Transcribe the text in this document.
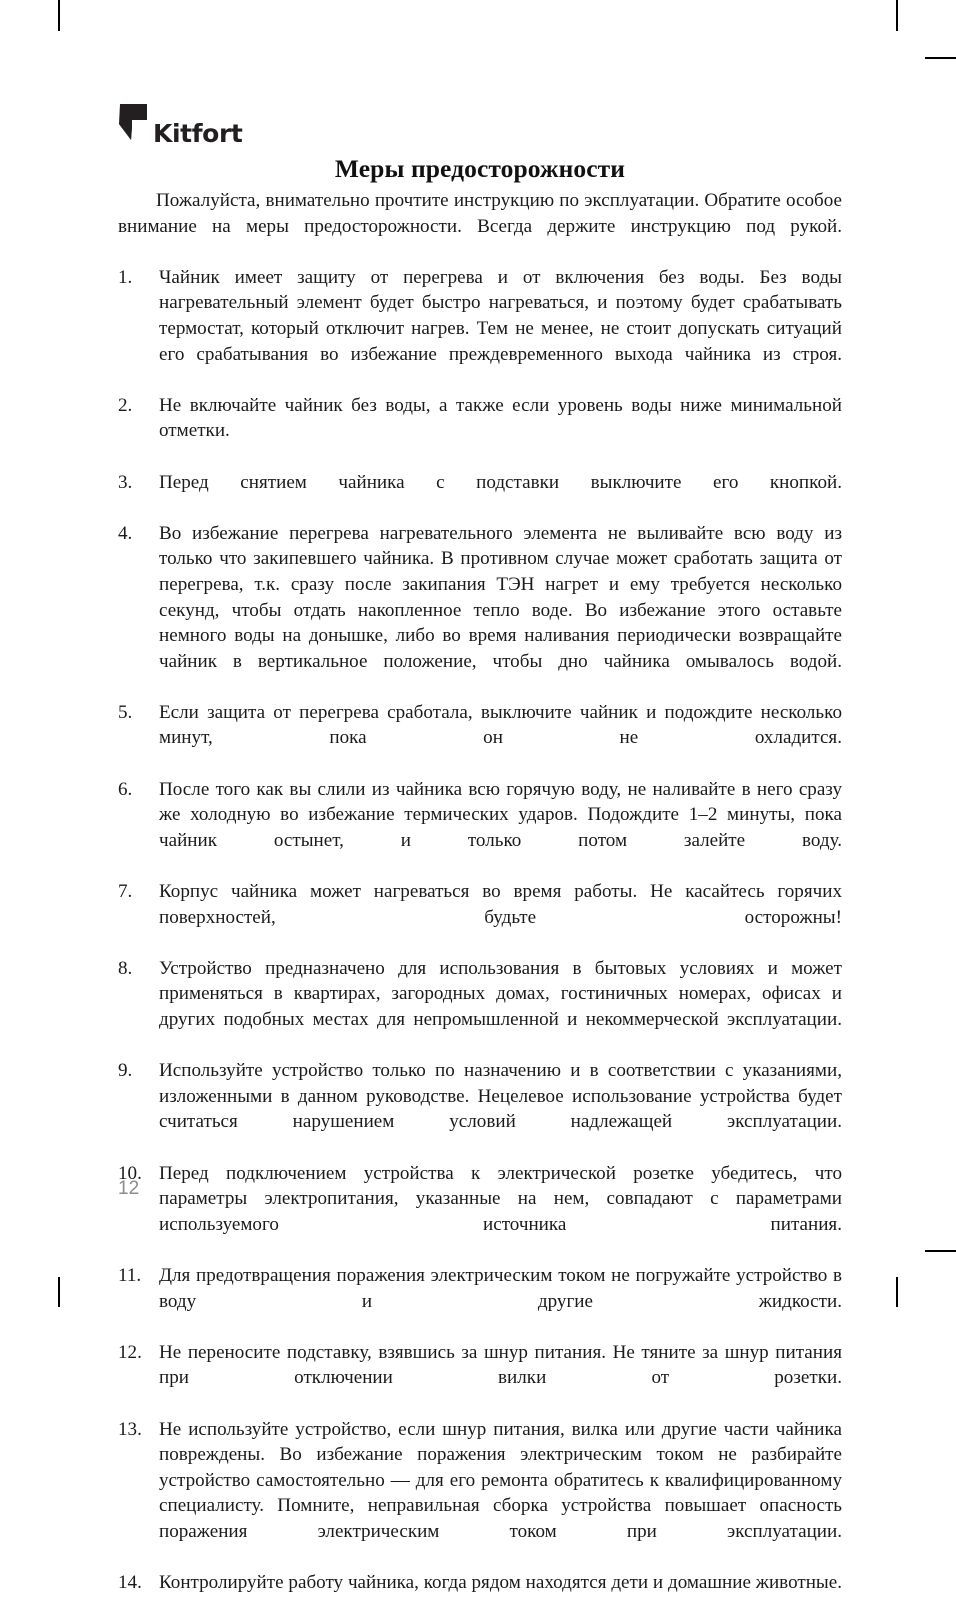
Kitfort
Меры предосторожности

Пожалуйста, внимательно прочтите инструкцию по эксплуатации. Обратите особое внимание на меры предосторожности. Всегда держите инструкцию под рукой.

1.	Чайник имеет защиту от перегрева и от включения без воды. Без воды нагревательный элемент будет быстро нагреваться, и поэтому будет срабатывать термостат, который отключит нагрев. Тем не менее, не стоит допускать ситуаций его срабатывания во избежание преждевременного выхода чайника из строя.
2.	Не включайте чайник без воды, а также если уровень воды ниже минимальной отметки.
3.	Перед снятием чайника с подставки выключите его кнопкой.
4.	Во избежание перегрева нагревательного элемента не выливайте всю воду из только что закипевшего чайника. В противном случае может сработать защита от перегрева, т.к. сразу после закипания ТЭН нагрет и ему требуется несколько секунд, чтобы отдать накопленное тепло воде. Во избежание этого оставьте немного воды на донышке, либо во время наливания периодически возвращайте чайник в вертикальное положение, чтобы дно чайника омывалось водой.
5.	Если защита от перегрева сработала, выключите чайник и подождите несколько минут, пока он не охладится.
6.	После того как вы слили из чайника всю горячую воду, не наливайте в него сразу же холодную во избежание термических ударов. Подождите 1–2 минуты, пока чайник остынет, и только потом залейте воду.
7.	Корпус чайника может нагреваться во время работы. Не касайтесь горячих поверхностей, будьте осторожны!
8.	Устройство предназначено для использования в бытовых условиях и может применяться в квартирах, загородных домах, гостиничных номерах, офисах и других подобных местах для непромышленной и некоммерческой эксплуатации.
9.	Используйте устройство только по назначению и в соответствии с указаниями, изложенными в данном руководстве. Нецелевое использование устройства будет считаться нарушением условий надлежащей эксплуатации.
10. Перед подключением устройства к электрической розетке убедитесь, что параметры электропитания, указанные на нем, совпадают с параметрами используемого источника питания.
11. Для предотвращения поражения электрическим током не погружайте устройство в воду и другие жидкости.
12. Не переносите подставку, взявшись за шнур питания. Не тяните за шнур питания при отключении вилки от розетки.
13. Не используйте устройство, если шнур питания, вилка или другие части чайника повреждены. Во избежание поражения электрическим током не разбирайте устройство самостоятельно — для его ремонта обратитесь к квалифицированному специалисту. Помните, неправильная сборка устройства повышает опасность поражения электрическим током при эксплуатации.
14. Контролируйте работу чайника, когда рядом находятся дети и домашние животные.
12
